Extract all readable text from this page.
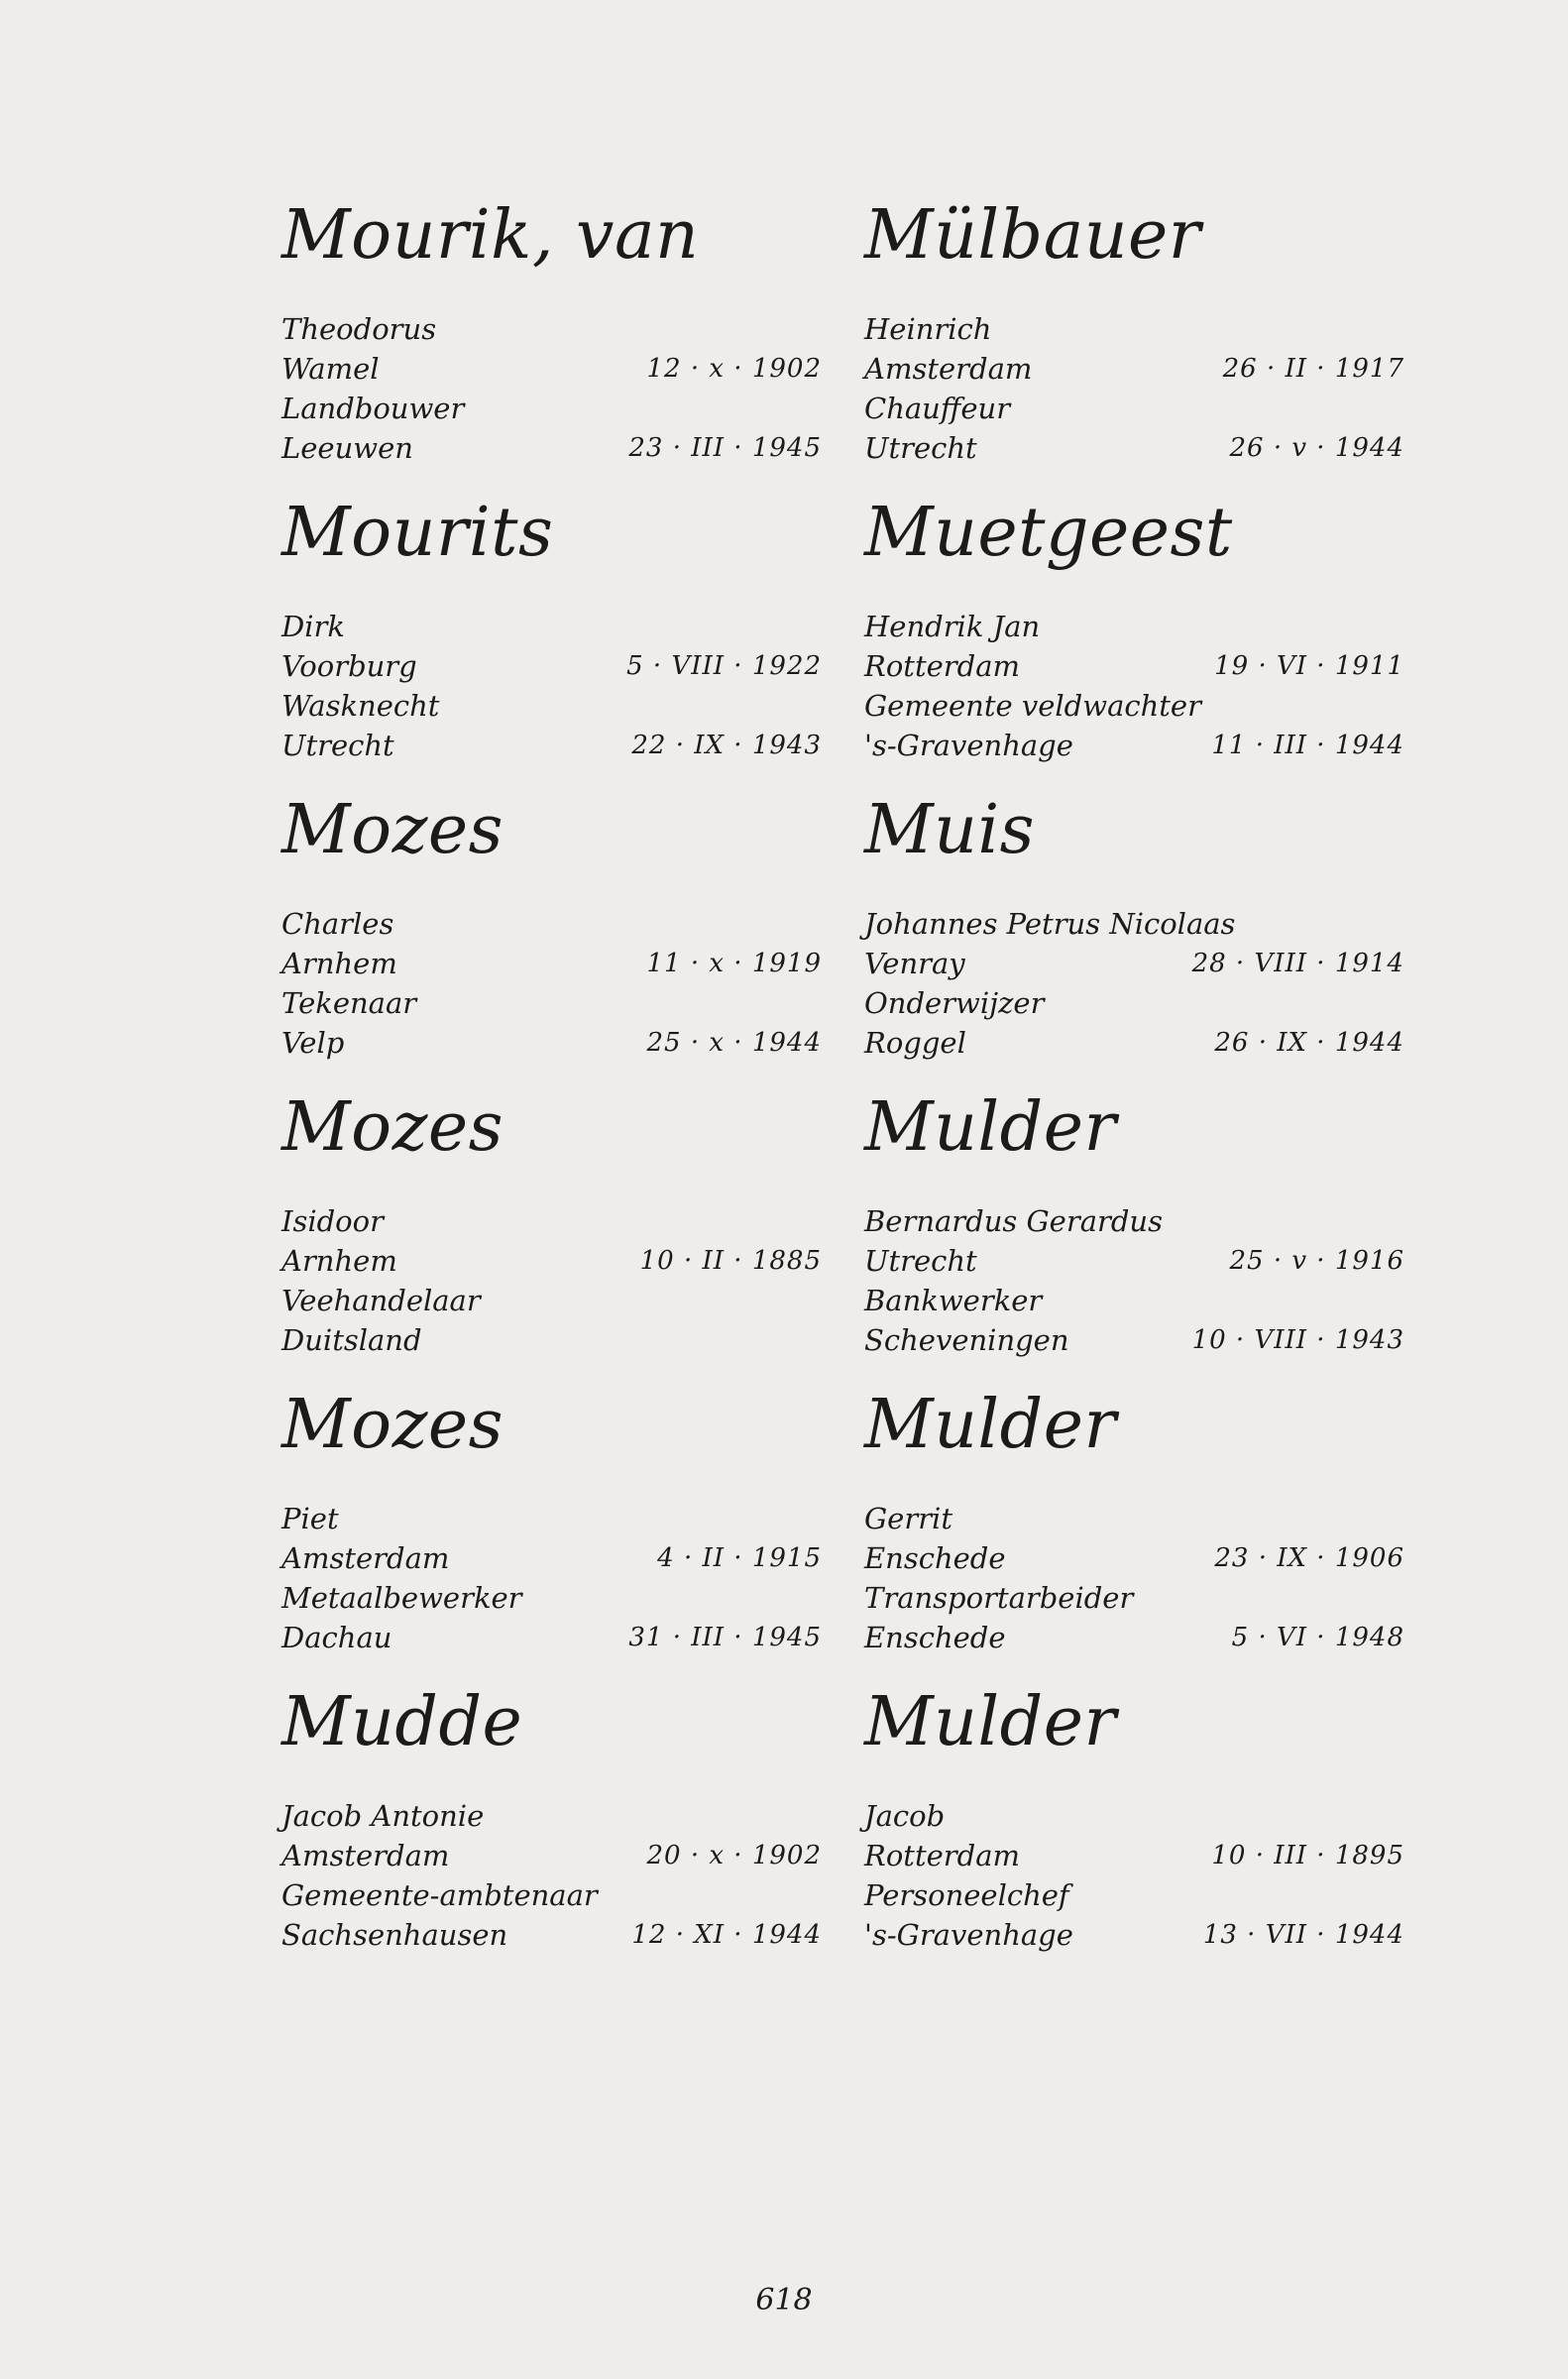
Mourik, van
Theodorus
Wamel	12 · x · 1902
Landbouwer
Leeuwen	23 · III · 1945
Mourits
Dirk
Voorburg	5 · VIII · 1922
Wasknecht
Utrecht	22 · IX · 1943
Mozes
Charles
Arnhem	11 · x · 1919
Tekenaar
Velp	25 · x · 1944
Mozes
Isidoor
Arnhem	10 · II · 1885
Veehandelaar
Duitsland
Mozes
Piet
Amsterdam	4 · II · 1915
Metaalbewerker
Dachau	31 · III · 1945
Mudde
Jacob Antonie
Amsterdam	20 · x · 1902
Gemeente-ambtenaar
Sachsenhausen	12 · XI · 1944
Mülbauer
Heinrich
Amsterdam	26 · II · 1917
Chauffeur
Utrecht	26 · v · 1944
Muetgeest
Hendrik Jan
Rotterdam	19 · VI · 1911
Gemeente veldwachter
's-Gravenhage	11 · III · 1944
Muis
Johannes Petrus Nicolaas
Venray	28 · VIII · 1914
Onderwijzer
Roggel	26 · IX · 1944
Mulder
Bernardus Gerardus
Utrecht	25 · v · 1916
Bankwerker
Scheveningen	10 · VIII · 1943
Mulder
Gerrit
Enschede	23 · IX · 1906
Transportarbeider
Enschede	5 · VI · 1948
Mulder
Jacob
Rotterdam	10 · III · 1895
Personeelchef
's-Gravenhage	13 · VII · 1944
618
